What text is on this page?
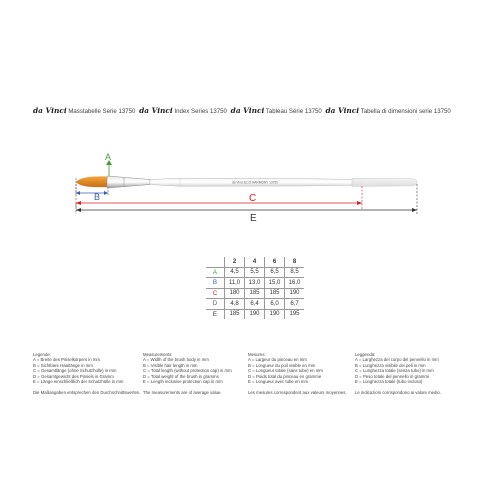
da Vinci Masstabelle Serie 13750 da Vinci Index Series 13750 da Vinci Tableau Série 13750 da Vinci Tabella di dimensioni serie 13750
A
B
da Vinci ECO HARMONY 13750
C
E
	2	4	6	8
A	4,5	5,5	6,5	8,5
B	11,0	13,0	15,0	16,0
C	180	185	185	190
D	4,8	6,4	6,0	6,7
E	185	190	190	195
Legende:
A = Breite des Pinselkörpers in mm
B = Sichtbare Haarlänge in mm
C = Gesamtlänge (ohne Schutzhülle) in mm
D = Gesamtgewicht des Pinsels in Gramm
E = Länge einschließlich der Schutzhülle in mm
Die Maßangaben entsprechen den Durchschnittswerten.
Measurements:
A = Width of the brush body in mm
B = Visible hair length in mm
C = Total length (without protection cap) in mm
D = Total weight of the brush in gramms
E = Length inclusive protection cap in mm
The measurements are of average value.
Mesures:
A = Largeur du pinceau en mm
B = Longueur du poil visible en mm
C = Longueur totale (sans tube) en mm
D = Poids total du pinceau en gramme
E = Longueur avec tube en mm
Les mesures correspondent aux valeurs moyennes.
Leggenda:
A = Larghezza del corpo del pennello in mm
B = Lunghezza visibile dei peli in mm
C = Lunghezza totale (senza tubo) in mm
D = Peso totale del pennello in grammi
E = Lunghezza totale (tubo incluso)
Le indicazioni corrispondono ai valore medio.
